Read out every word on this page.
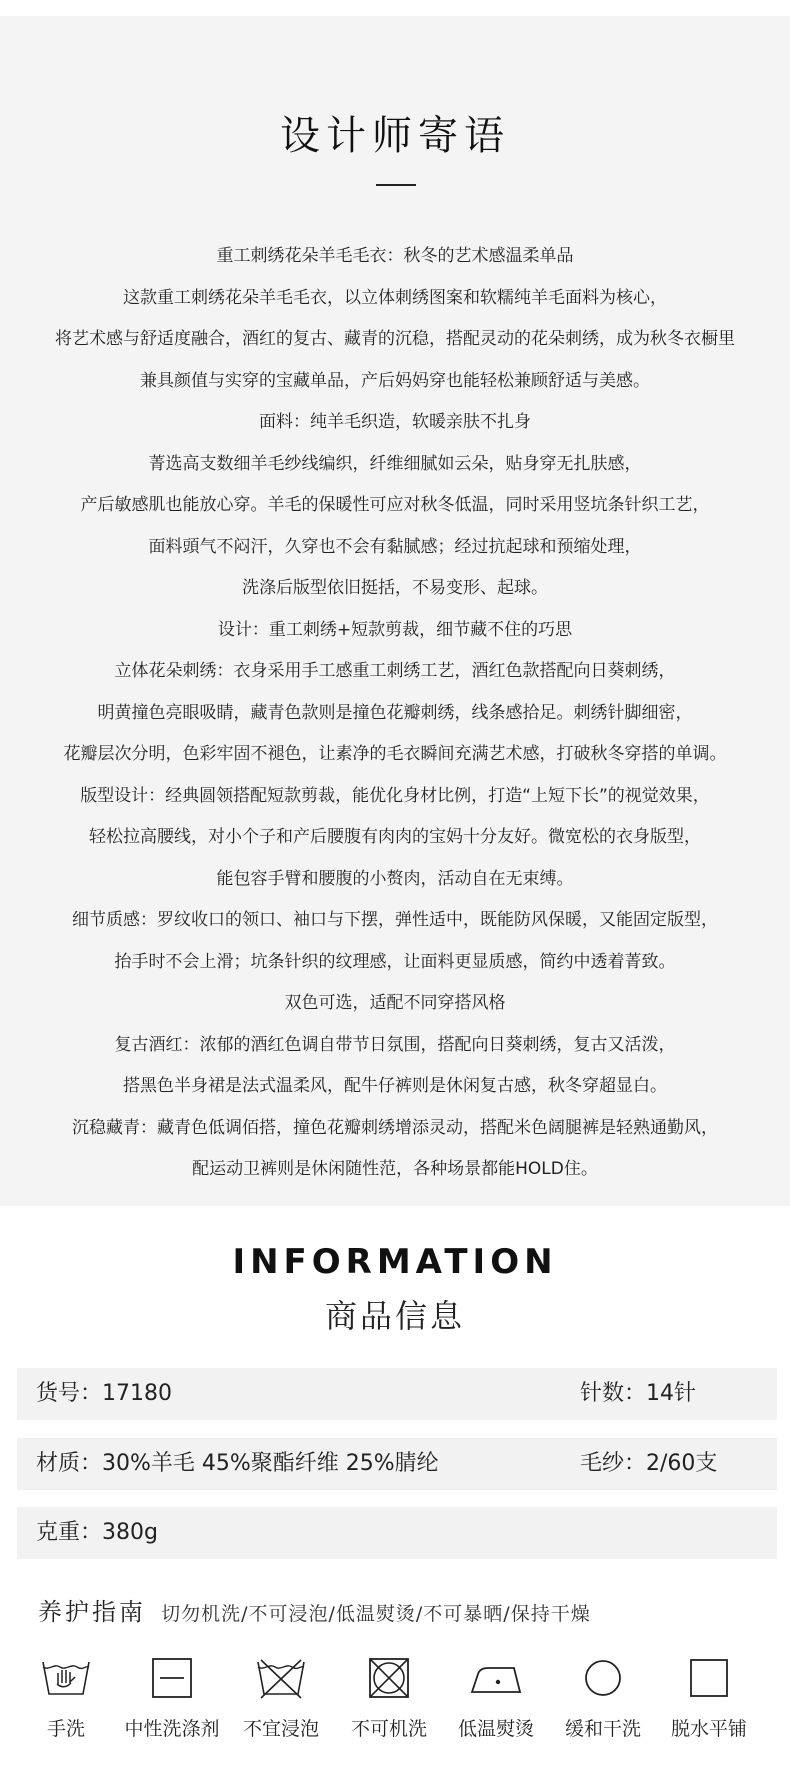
设计师寄语
重工刺绣花朵羊毛毛衣：秋冬的艺术感温柔单品
这款重工刺绣花朵羊毛毛衣，以立体刺绣图案和软糯纯羊毛面料为核心，
将艺术感与舒适度融合，酒红的复古、藏青的沉稳，搭配灵动的花朵刺绣，成为秋冬衣橱里
兼具颜值与实穿的宝藏单品，产后妈妈穿也能轻松兼顾舒适与美感。
面料：纯羊毛织造，软暖亲肤不扎身
菁选高支数细羊毛纱线编织，纤维细腻如云朵，贴身穿无扎肤感，
产后敏感肌也能放心穿。羊毛的保暖性可应对秋冬低温，同时采用竖坑条针织工艺，
面料頭气不闷汗，久穿也不会有黏腻感；经过抗起球和预缩处理，
洗涤后版型依旧挺括，不易变形、起球。
设计：重工刺绣+短款剪裁，细节藏不住的巧思
立体花朵刺绣：衣身采用手工感重工刺绣工艺，酒红色款搭配向日葵刺绣，
明黄撞色亮眼吸睛，藏青色款则是撞色花瓣刺绣，线条感拾足。刺绣针脚细密，
花瓣层次分明，色彩牢固不褪色，让素净的毛衣瞬间充满艺术感，打破秋冬穿搭的单调。
版型设计：经典圆领搭配短款剪裁，能优化身材比例，打造“上短下长”的视觉效果，
轻松拉高腰线，对小个子和产后腰腹有肉肉的宝妈十分友好。微宽松的衣身版型，
能包容手臂和腰腹的小赘肉，活动自在无束缚。
细节质感：罗纹收口的领口、袖口与下摆，弹性适中，既能防风保暖，又能固定版型，
抬手时不会上滑；坑条针织的纹理感，让面料更显质感，简约中透着菁致。
双色可选，适配不同穿搭风格
复古酒红：浓郁的酒红色调自带节日氛围，搭配向日葵刺绣，复古又活泼，
搭黑色半身裙是法式温柔风，配牛仔裤则是休闲复古感，秋冬穿超显白。
沉稳藏青：藏青色低调佰搭，撞色花瓣刺绣增添灵动，搭配米色阔腿裤是轻熟通勤风，
配运动卫裤则是休闲随性范，各种场景都能HOLD住。
INFORMATION
商品信息
货号：17180	针数：14针
材质：30%羊毛 45%聚酯纤维 25%腈纶	毛纱：2/60支
克重：380g
养护指南 切勿机洗/不可浸泡/低温熨烫/不可暴晒/保持干燥
手洗	中性洗涤剂	不宜浸泡	不可机洗	低温熨烫	缓和干洗	脱水平铺
